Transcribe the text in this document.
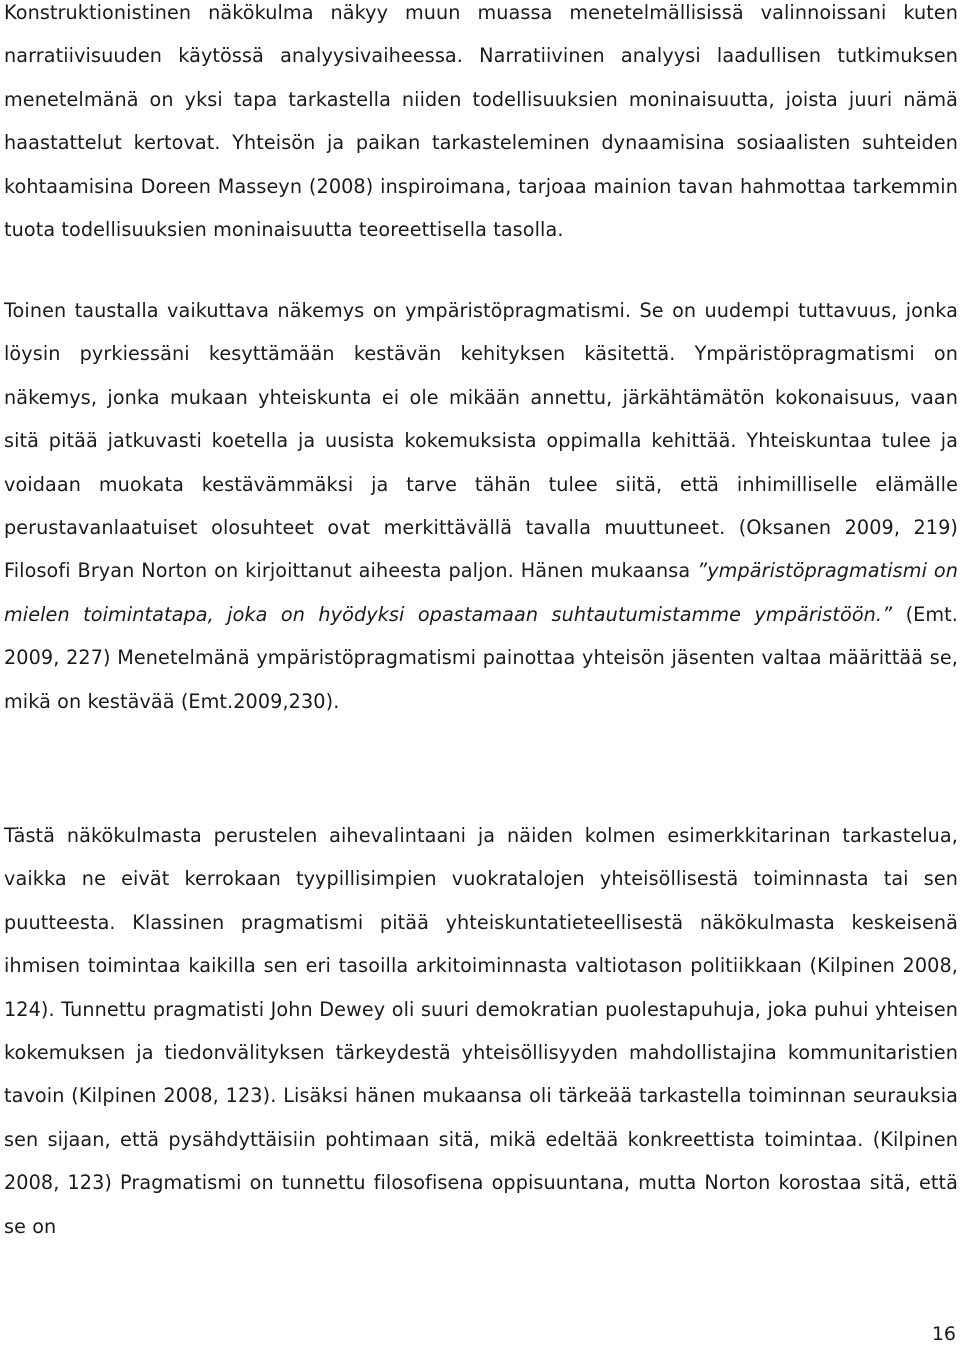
Konstruktionistinen näkökulma näkyy muun muassa menetelmällisissä valinnoissani kuten narratiivisuuden käytössä analyysivaiheessa. Narratiivinen analyysi laadullisen tutkimuksen menetelmänä on yksi tapa tarkastella niiden todellisuuksien moninaisuutta, joista juuri nämä haastattelut kertovat. Yhteisön ja paikan tarkasteleminen dynaamisina sosiaalisten suhteiden kohtaamisina Doreen Masseyn (2008) inspiroimana, tarjoaa mainion tavan hahmottaa tarkemmin tuota todellisuuksien moninaisuutta teoreettisella tasolla.

Toinen taustalla vaikuttava näkemys on ympäristöpragmatismi. Se on uudempi tuttavuus, jonka löysin pyrkiessäni kesyttämään kestävän kehityksen käsitettä. Ympäristöpragmatismi on näkemys, jonka mukaan yhteiskunta ei ole mikään annettu, järkähtämätön kokonaisuus, vaan sitä pitää jatkuvasti koetella ja uusista kokemuksista oppimalla kehittää. Yhteiskuntaa tulee ja voidaan muokata kestävämmäksi ja tarve tähän tulee siitä, että inhimilliselle elämälle perustavanlaatuiset olosuhteet ovat merkittävällä tavalla muuttuneet. (Oksanen 2009, 219) Filosofi Bryan Norton on kirjoittanut aiheesta paljon. Hänen mukaansa ”ympäristöpragmatismi on mielen toimintatapa, joka on hyödyksi opastamaan suhtautumistamme ympäristöön.” (Emt. 2009, 227) Menetelmänä ympäristöpragmatismi painottaa yhteisön jäsenten valtaa määrittää se, mikä on kestävää (Emt.2009,230).

Tästä näkökulmasta perustelen aihevalintaani ja näiden kolmen esimerkkitarinan tarkastelua, vaikka ne eivät kerrokaan tyypillisimpien vuokratalojen yhteisöllisestä toiminnasta tai sen puutteesta. Klassinen pragmatismi pitää yhteiskuntatieteellisestä näkökulmasta keskeisenä ihmisen toimintaa kaikilla sen eri tasoilla arkitoiminnasta valtiotason politiikkaan (Kilpinen 2008, 124). Tunnettu pragmatisti John Dewey oli suuri demokratian puolestapuhuja, joka puhui yhteisen kokemuksen ja tiedonvälityksen tärkeydestä yhteisöllisyyden mahdollistajina kommunitaristien tavoin (Kilpinen 2008, 123). Lisäksi hänen mukaansa oli tärkeää tarkastella toiminnan seurauksia sen sijaan, että pysähdyttäisiin pohtimaan sitä, mikä edeltää konkreettista toimintaa. (Kilpinen 2008, 123) Pragmatismi on tunnettu filosofisena oppisuuntana, mutta Norton korostaa sitä, että se on

16
